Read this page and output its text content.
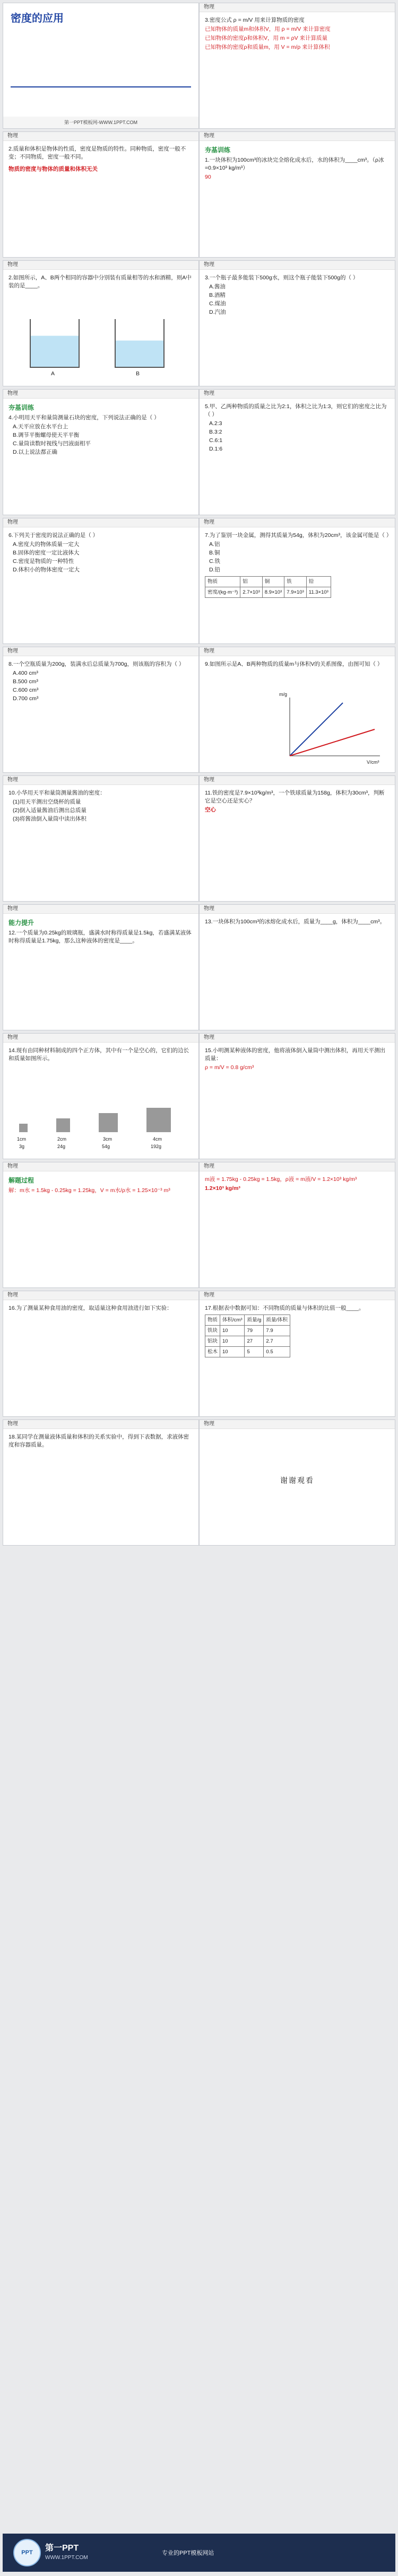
密度的应用
第一PPT模板网-WWW.1PPT.COM
物理
3.密度公式 ρ = m/V 用来计算物质的密度
已知物体的质量m和体积V，用 ρ = m/V 来计算密度
已知物体的密度ρ和体积V，用 m = ρV 来计算质量
已知物体的密度ρ和质量m，用 V = m/ρ 来计算体积
物理
2.质量和体积是物体的性质，密度是物质的特性。同种物质，密度一般不变；不同物质，密度一般不同。
物质的密度与物体的质量和体积无关
物理
夯基训练
1.一块体积为100cm³的冰块完全熔化成水后，水的体积为____cm³。（ρ冰=0.9×10³ kg/m³）
90
物理
2.如图所示，A、B两个相同的容器中分别装有质量相等的水和酒精，则A中装的是____。
A	B
物理
3.一个瓶子最多能装下500g水，则这个瓶子能装下500g的（ ）
A.酱油
B.酒精
C.煤油
D.汽油
物理
夯基训练
4.小明用天平和量筒测量石块的密度，下列说法正确的是（ ）
A.天平应放在水平台上
B.调节平衡螺母使天平平衡
C.量筒读数时视线与凹液面相平
D.以上说法都正确
物理
5.甲、乙两种物质的质量之比为2:1，体积之比为1:3，则它们的密度之比为（ ）
A.2:3
B.3:2
C.6:1
D.1:6
物理
6.下列关于密度的说法正确的是（ ）
A.密度大的物体质量一定大
B.固体的密度一定比液体大
C.密度是物质的一种特性
D.体积小的物体密度一定大
物理
7.为了鉴别一块金属，测得其质量为54g，体积为20cm³，该金属可能是（ ）
A.铝
B.铜
C.铁
D.铅
物质	铝	铜	铁	铅
密度/(kg·m⁻³)	2.7×10³	8.9×10³	7.9×10³	11.3×10³
物理
8.一个空瓶质量为200g，装满水后总质量为700g，则该瓶的容积为（ ）
A.400 cm³
B.500 cm³
C.600 cm³
D.700 cm³
物理
9.如图所示是A、B两种物质的质量m与体积V的关系图像，由图可知（ ）
V/cm³
m/g
物理
10.小华用天平和量筒测量酱油的密度：
(1)用天平测出空烧杯的质量
(2)倒入适量酱油后测出总质量
(3)将酱油倒入量筒中读出体积
物理
11.铁的密度是7.9×10³kg/m³，一个铁球质量为158g，体积为30cm³，判断它是空心还是实心？
空心
物理
能力提升
12.一个质量为0.25kg的玻璃瓶，盛满水时称得质量是1.5kg，若盛满某液体时称得质量是1.75kg，那么这种液体的密度是____。
物理
13.一块体积为100cm³的冰熔化成水后，质量为____g，体积为____cm³。
物理
14.现有由同种材料制成的四个正方体，其中有一个是空心的，它们的边长和质量如图所示。
1cm	2cm	3cm	4cm
3g	24g	54g	192g
物理
15.小明测某种液体的密度，他将液体倒入量筒中测出体积，再用天平测出质量：
ρ = m/V = 0.8 g/cm³
物理
解题过程
解：m水 = 1.5kg - 0.25kg = 1.25kg，V = m水/ρ水 = 1.25×10⁻³ m³
物理
m液 = 1.75kg - 0.25kg = 1.5kg，ρ液 = m液/V = 1.2×10³ kg/m³
1.2×10³ kg/m³
物理
16.为了测量某种食用油的密度，取适量这种食用油进行如下实验：
物理
17.根据表中数据可知：不同物质的质量与体积的比值一般____。
物质	体积/cm³	质量/g	质量/体积
铁块	10	79	7.9
铝块	10	27	2.7
松木	10	5	0.5
物理
18.某同学在测量液体质量和体积的关系实验中，得到下表数据，求液体密度和容器质量。
物理
谢谢观看
PPT	第一PPT
WWW.1PPT.COM
专业的PPT模板网站
